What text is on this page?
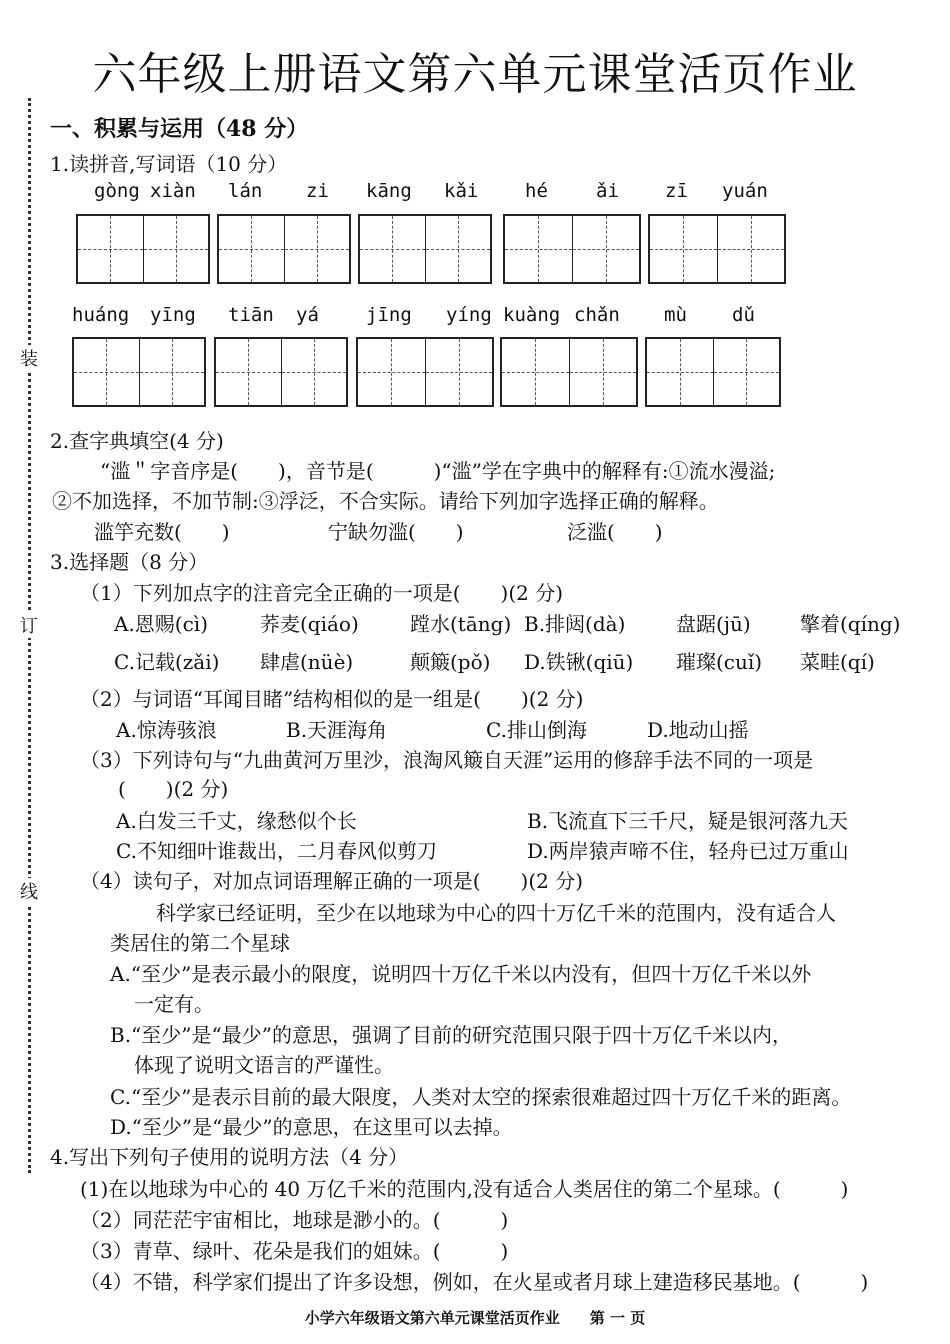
六年级上册语文第六单元课堂活页作业
装
订
线
一、积累与运用（48 分）
1.读拼音,写词语（10 分）
gòng xiàn lán zi kāng kǎi hé	ǎi zī yuán
huáng yīng tiān yá jīng yíng kuàng chǎn mù dǔ
2.查字典填空(4 分)
“滥＂字音序是(　　)，音节是(　　　)“滥”学在字典中的解释有:①流水漫溢;
②不加选择，不加节制:③浮泛，不合实际。请给下列加字选择正确的解释。
滥竽充数(　　)	宁缺勿滥(　　)	泛滥(　　)
3.选择题（8 分）
（1）下列加点字的注音完全正确的一项是(　　)(2 分)
A.恩赐(cì)	荞麦(qiáo)	蹚水(tāng) B.排闼(dà)	盘踞(jū) 擎着(qíng)
C.记载(zǎi) 肆虐(nüè)	颠簸(pǒ) D.铁锹(qiū) 璀璨(cuǐ) 菜畦(qí)
（2）与词语“耳闻目睹”结构相似的是一组是(　　)(2 分)
A.惊涛骇浪	B.天涯海角	C.排山倒海	D.地动山摇
（3）下列诗句与“九曲黄河万里沙，浪淘风簸自天涯”运用的修辞手法不同的一项是
(　　)(2 分)
A.白发三千丈，缘愁似个长	B.飞流直下三千尺，疑是银河落九天
C.不知细叶谁裁出，二月春风似剪刀	D.两岸猿声啼不住，轻舟已过万重山
（4）读句子，对加点词语理解正确的一项是(　　)(2 分)
科学家已经证明，至少在以地球为中心的四十万亿千米的范围内，没有适合人
类居住的第二个星球
A.“至少”是表示最小的限度，说明四十万亿千米以内没有，但四十万亿千米以外
一定有。
B.“至少”是“最少”的意思，强调了目前的研究范围只限于四十万亿千米以内，
体现了说明文语言的严谨性。
C.“至少”是表示目前的最大限度，人类对太空的探索很难超过四十万亿千米的距离。
D.“至少”是“最少”的意思，在这里可以去掉。
4.写出下列句子使用的说明方法（4 分）
(1)在以地球为中心的 40 万亿千米的范围内,没有适合人类居住的第二个星球。(　　　)
（2）同茫茫宇宙相比，地球是渺小的。(　　　)
（3）青草、绿叶、花朵是我们的姐妹。(　　　)
（4）不错，科学家们提出了许多设想，例如，在火星或者月球上建造移民基地。(　　　)
小学六年级语文第六单元课堂活页作业　　第 一 页
